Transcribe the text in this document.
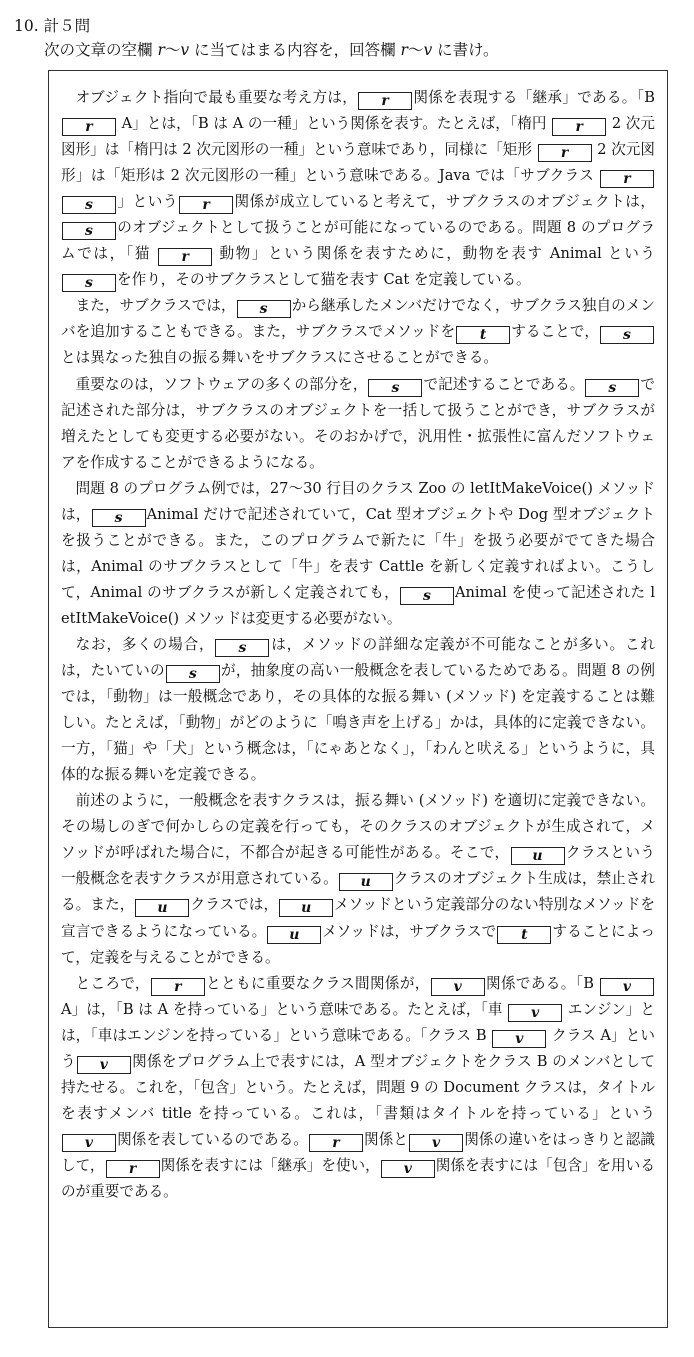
10. 計５問
次の文章の空欄 r〜v に当てはまる内容を，回答欄 r〜v に書け。

オブジェクト指向で最も重要な考え方は， r 関係を表現する「継承」である。「B r A」とは，「B は A の一種」という関係を表す。たとえば，「楕円 r 2 次元図形」は「楕円は 2 次元図形の一種」という意味であり，同様に「矩形 r 2 次元図形」は「矩形は 2 次元図形の一種」という意味である。Java では「サブクラス r s 」という r 関係が成立していると考えて，サブクラスのオブジェクトは，s のオブジェクトとして扱うことが可能になっているのである。問題 8 のプログラムでは，「猫 r 動物」という関係を表すために，動物を表す Animal というs を作り，そのサブクラスとして猫を表す Cat を定義している。

また，サブクラスでは， s から継承したメンバだけでなく，サブクラス独自のメンバを追加することもできる。また，サブクラスでメソッドを t することで， sとは異なった独自の振る舞いをサブクラスにさせることができる。

重要なのは，ソフトウェアの多くの部分を， s で記述することである。 s で記述された部分は，サブクラスのオブジェクトを一括して扱うことができ，サブクラスが増えたとしても変更する必要がない。そのおかげで，汎用性・拡張性に富んだソフトウェアを作成することができるようになる。

問題 8 のプログラム例では，27〜30 行目のクラス Zoo の letItMakeVoice() メソッドは， s Animal だけで記述されていて，Cat 型オブジェクトや Dog 型オブジェクトを扱うことができる。また，このプログラムで新たに「牛」を扱う必要がでてきた場合は，Animal のサブクラスとして「牛」を表す Cattle を新しく定義すればよい。こうして，Animal のサブクラスが新しく定義されても， s Animal を使って記述された letItMakeVoice() メソッドは変更する必要がない。

なお，多くの場合， s は，メソッドの詳細な定義が不可能なことが多い。これは，たいていの s が，抽象度の高い一般概念を表しているためである。問題 8 の例では，「動物」は一般概念であり，その具体的な振る舞い (メソッド) を定義することは難しい。たとえば，「動物」がどのように「鳴き声を上げる」かは，具体的に定義できない。一方，「猫」や「犬」という概念は，「にゃあとなく」，「わんと吠える」というように，具体的な振る舞いを定義できる。

前述のように，一般概念を表すクラスは，振る舞い (メソッド) を適切に定義できない。その場しのぎで何かしらの定義を行っても，そのクラスのオブジェクトが生成されて，メソッドが呼ばれた場合に，不都合が起きる可能性がある。そこで， u クラスという一般概念を表すクラスが用意されている。 u クラスのオブジェクト生成は，禁止される。また， u クラスでは， u メソッドという定義部分のない特別なメソッドを宣言できるようになっている。 u メソッドは，サブクラスで t することによって，定義を与えることができる。

ところで， r とともに重要なクラス間関係が， v 関係である。「B v A」は，「B は A を持っている」という意味である。たとえば，「車 v エンジン」とは，「車はエンジンを持っている」という意味である。「クラス B v クラス A」という v 関係をプログラム上で表すには，A 型オブジェクトをクラス B のメンバとして持たせる。これを，「包含」という。たとえば，問題 9 の Document クラスは，タイトルを表すメンバ title を持っている。これは，「書類はタイトルを持っている」というv 関係を表しているのである。 r 関係と v 関係の違いをはっきりと認識して， r 関係を表すには「継承」を使い， v 関係を表すには「包含」を用いるのが重要である。
